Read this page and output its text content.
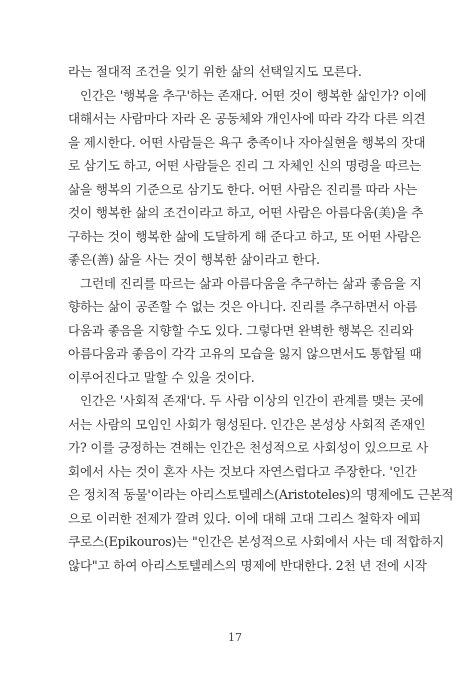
라는 절대적 조건을 잊기 위한 삶의 선택일지도 모른다.
인간은 '행복을 추구'하는 존재다. 어떤 것이 행복한 삶인가? 이에
대해서는 사람마다 자라 온 공동체와 개인사에 따라 각각 다른 의견
을 제시한다. 어떤 사람들은 욕구 충족이나 자아실현을 행복의 잣대
로 삼기도 하고, 어떤 사람들은 진리 그 자체인 신의 명령을 따르는
삶을 행복의 기준으로 삼기도 한다. 어떤 사람은 진리를 따라 사는
것이 행복한 삶의 조건이라고 하고, 어떤 사람은 아름다움(美)을 추
구하는 것이 행복한 삶에 도달하게 해 준다고 하고, 또 어떤 사람은
좋은(善) 삶을 사는 것이 행복한 삶이라고 한다.
그런데 진리를 따르는 삶과 아름다움을 추구하는 삶과 좋음을 지
향하는 삶이 공존할 수 없는 것은 아니다. 진리를 추구하면서 아름
다움과 좋음을 지향할 수도 있다. 그렇다면 완벽한 행복은 진리와
아름다움과 좋음이 각각 고유의 모습을 잃지 않으면서도 통합될 때
이루어진다고 말할 수 있을 것이다.
인간은 '사회적 존재'다. 두 사람 이상의 인간이 관계를 맺는 곳에
서는 사람의 모임인 사회가 형성된다. 인간은 본성상 사회적 존재인
가? 이를 긍정하는 견해는 인간은 천성적으로 사회성이 있으므로 사
회에서 사는 것이 혼자 사는 것보다 자연스럽다고 주장한다. '인간
은 정치적 동물'이라는 아리스토텔레스(Aristoteles)의 명제에도 근본적
으로 이러한 전제가 깔려 있다. 이에 대해 고대 그리스 철학자 에피
쿠로스(Epikouros)는 "인간은 본성적으로 사회에서 사는 데 적합하지
않다"고 하여 아리스토텔레스의 명제에 반대한다. 2천 년 전에 시작
17
